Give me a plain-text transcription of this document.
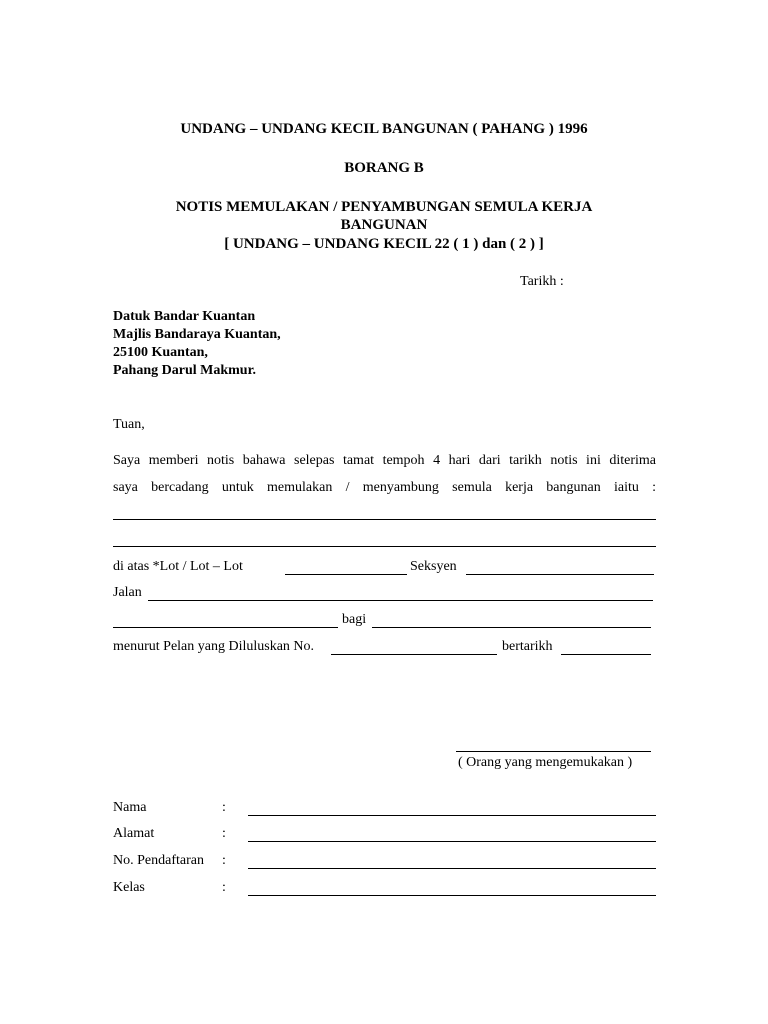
UNDANG – UNDANG KECIL BANGUNAN ( PAHANG ) 1996
BORANG B
NOTIS MEMULAKAN / PENYAMBUNGAN SEMULA KERJA
BANGUNAN
[ UNDANG – UNDANG KECIL 22 ( 1 ) dan ( 2 ) ]
Tarikh :
Datuk Bandar Kuantan
Majlis Bandaraya Kuantan,
25100 Kuantan,
Pahang Darul Makmur.
Tuan,
Saya memberi notis bahawa selepas tamat tempoh 4 hari dari tarikh notis ini diterima
saya bercadang untuk memulakan / menyambung semula kerja bangunan iaitu :
di atas *Lot / Lot – Lot	Seksyen
Jalan
bagi
menurut Pelan yang Diluluskan No.	bertarikh
( Orang yang mengemukakan )
Nama	:
Alamat	:
No. Pendaftaran :
Kelas	:
